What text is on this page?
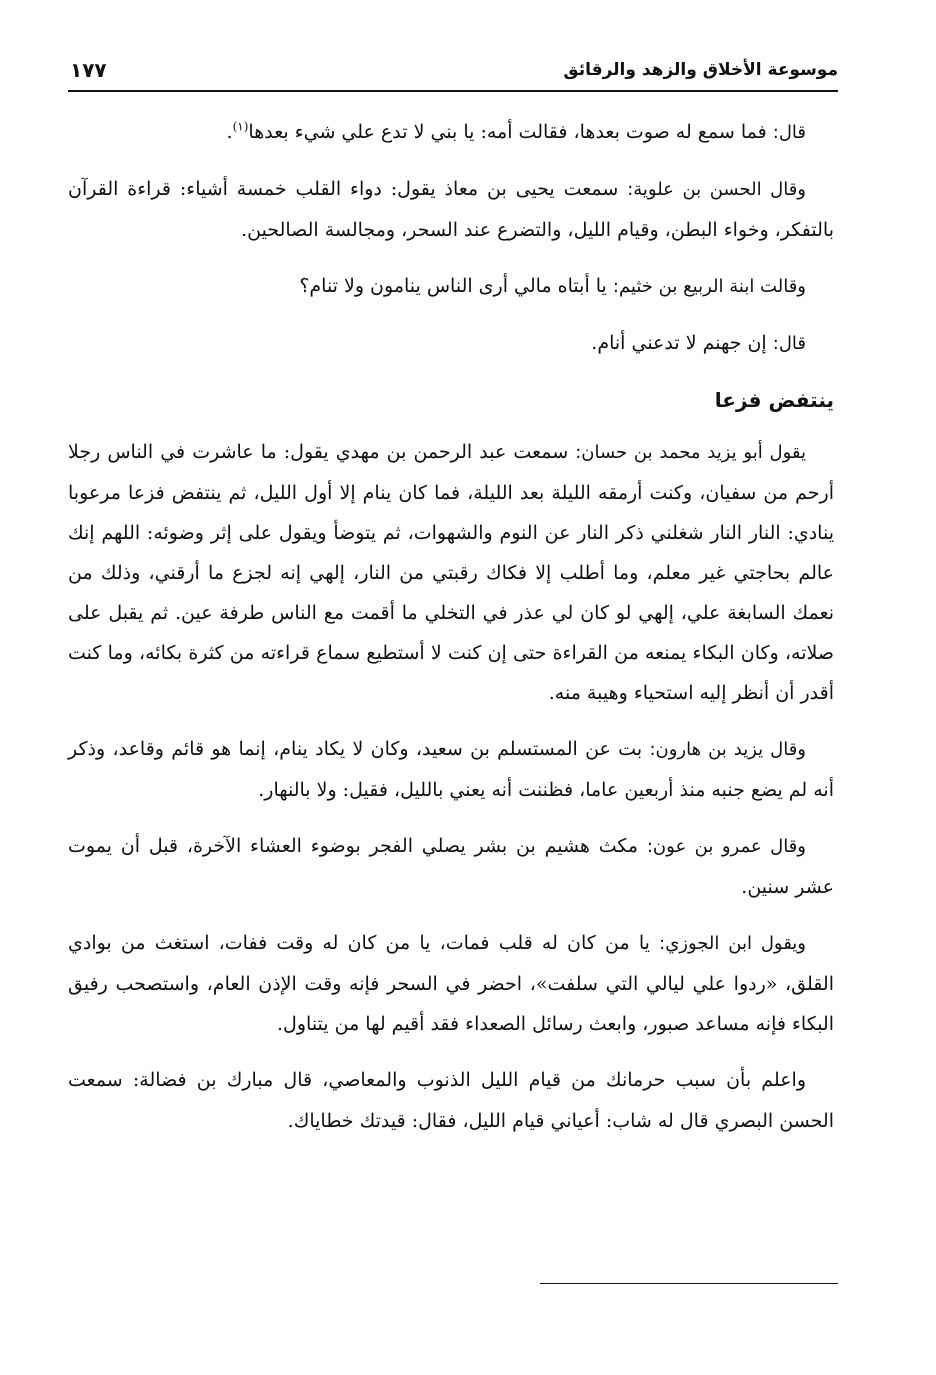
موسوعة الأخلاق والزهد والرقائق
١٧٧

قال: فما سمع له صوت بعدها، فقالت أمه: يا بني لا تدع علي شيء بعدها$^{(١)}$.

وقال الحسن بن علوية: سمعت يحيى بن معاذ يقول: دواء القلب خمسة أشياء: قراءة القرآن بالتفكر، وخواء البطن، وقيام الليل، والتضرع عند السحر، ومجالسة الصالحين.

وقالت ابنة الربيع بن خثيم: يا أبتاه مالي أرى الناس ينامون ولا تنام؟

قال: إن جهنم لا تدعني أنام.

ينتفض فزعا

يقول أبو يزيد محمد بن حسان: سمعت عبد الرحمن بن مهدي يقول: ما عاشرت في الناس رجلا أرحم من سفيان، وكنت أرمقه الليلة بعد الليلة، فما كان ينام إلا أول الليل، ثم ينتفض فزعا مرعوبا ينادي: النار النار شغلني ذكر النار عن النوم والشهوات، ثم يتوضأ ويقول على إثر وضوئه: اللهم إنك عالم بحاجتي غير معلم، وما أطلب إلا فكاك رقبتي من النار، إلهي إنه لجزع ما أرقني، وذلك من نعمك السابغة علي، إلهي لو كان لي عذر في التخلي ما أقمت مع الناس طرفة عين. ثم يقبل على صلاته، وكان البكاء يمنعه من القراءة حتى إن كنت لا أستطيع سماع قراءته من كثرة بكائه، وما كنت أقدر أن أنظر إليه استحياء وهيبة منه.

وقال يزيد بن هارون: بت عن المستسلم بن سعيد، وكان لا يكاد ينام، إنما هو قائم وقاعد، وذكر أنه لم يضع جنبه منذ أربعين عاما، فظننت أنه يعني بالليل، فقيل: ولا بالنهار.

وقال عمرو بن عون: مكث هشيم بن بشر يصلي الفجر بوضوء العشاء الآخرة، قبل أن يموت عشر سنين.

ويقول ابن الجوزي: يا من كان له قلب فمات، يا من كان له وقت ففات، استغث من بوادي القلق، «ردوا علي ليالي التي سلفت»، احضر في السحر فإنه وقت الإذن العام، واستصحب رفيق البكاء فإنه مساعد صبور، وابعث رسائل الصعداء فقد أقيم لها من يتناول.

واعلم بأن سبب حرمانك من قيام الليل الذنوب والمعاصي، قال مبارك بن فضالة: سمعت الحسن البصري قال له شاب: أعياني قيام الليل، فقال: قيدتك خطاياك.
